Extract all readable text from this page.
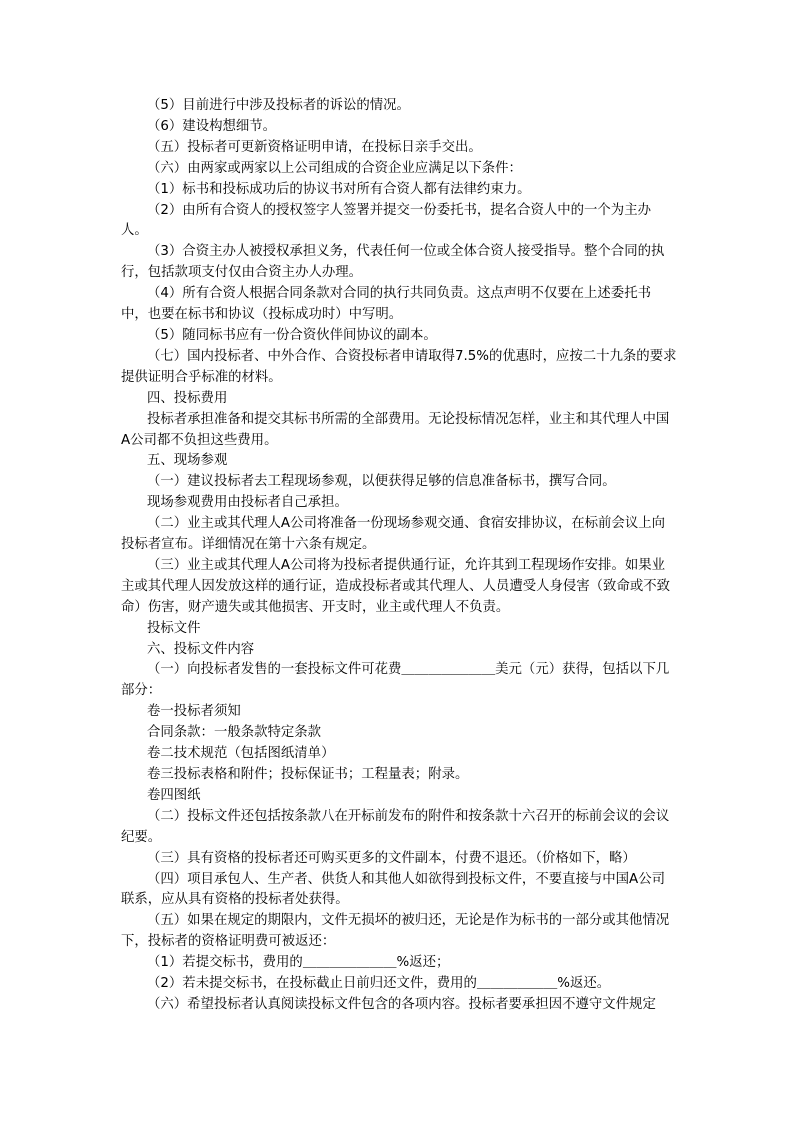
（5）目前进行中涉及投标者的诉讼的情况。

（6）建设构想细节。

（五）投标者可更新资格证明申请，在投标日亲手交出。

（六）由两家或两家以上公司组成的合资企业应满足以下条件：

（1）标书和投标成功后的协议书对所有合资人都有法律约束力。

（2）由所有合资人的授权签字人签署并提交一份委托书，提名合资人中的一个为主办人。

（3）合资主办人被授权承担义务，代表任何一位或全体合资人接受指导。整个合同的执行，包括款项支付仅由合资主办人办理。

（4）所有合资人根据合同条款对合同的执行共同负责。这点声明不仅要在上述委托书中，也要在标书和协议（投标成功时）中写明。

（5）随同标书应有一份合资伙伴间协议的副本。

（七）国内投标者、中外合作、合资投标者申请取得7.5%的优惠时，应按二十九条的要求提供证明合乎标准的材料。

四、投标费用

投标者承担准备和提交其标书所需的全部费用。无论投标情况怎样，业主和其代理人中国A公司都不负担这些费用。

五、现场参观

（一）建议投标者去工程现场参观，以便获得足够的信息准备标书，撰写合同。

现场参观费用由投标者自己承担。

（二）业主或其代理人A公司将准备一份现场参观交通、食宿安排协议，在标前会议上向投标者宣布。详细情况在第十六条有规定。

（三）业主或其代理人A公司将为投标者提供通行证，允许其到工程现场作安排。如果业主或其代理人因发放这样的通行证，造成投标者或其代理人、人员遭受人身侵害（致命或不致命）伤害，财产遗失或其他损害、开支时，业主或代理人不负责。

投标文件

六、投标文件内容

（一）向投标者发售的一套投标文件可花费＿＿＿＿＿＿＿美元（元）获得，包括以下几部分：

卷一投标者须知

合同条款：一般条款特定条款

卷二技术规范（包括图纸清单）

卷三投标表格和附件；投标保证书；工程量表；附录。

卷四图纸

（二）投标文件还包括按条款八在开标前发布的附件和按条款十六召开的标前会议的会议纪要。

（三）具有资格的投标者还可购买更多的文件副本，付费不退还。（价格如下，略）

（四）项目承包人、生产者、供货人和其他人如欲得到投标文件，不要直接与中国A公司联系，应从具有资格的投标者处获得。

（五）如果在规定的期限内，文件无损坏的被归还，无论是作为标书的一部分或其他情况下，投标者的资格证明费可被返还：

（1）若提交标书，费用的＿＿＿＿＿＿＿%返还；

（2）若未提交标书，在投标截止日前归还文件，费用的＿＿＿＿＿＿%返还。

（六）希望投标者认真阅读投标文件包含的各项内容。投标者要承担因不遵守文件规定
